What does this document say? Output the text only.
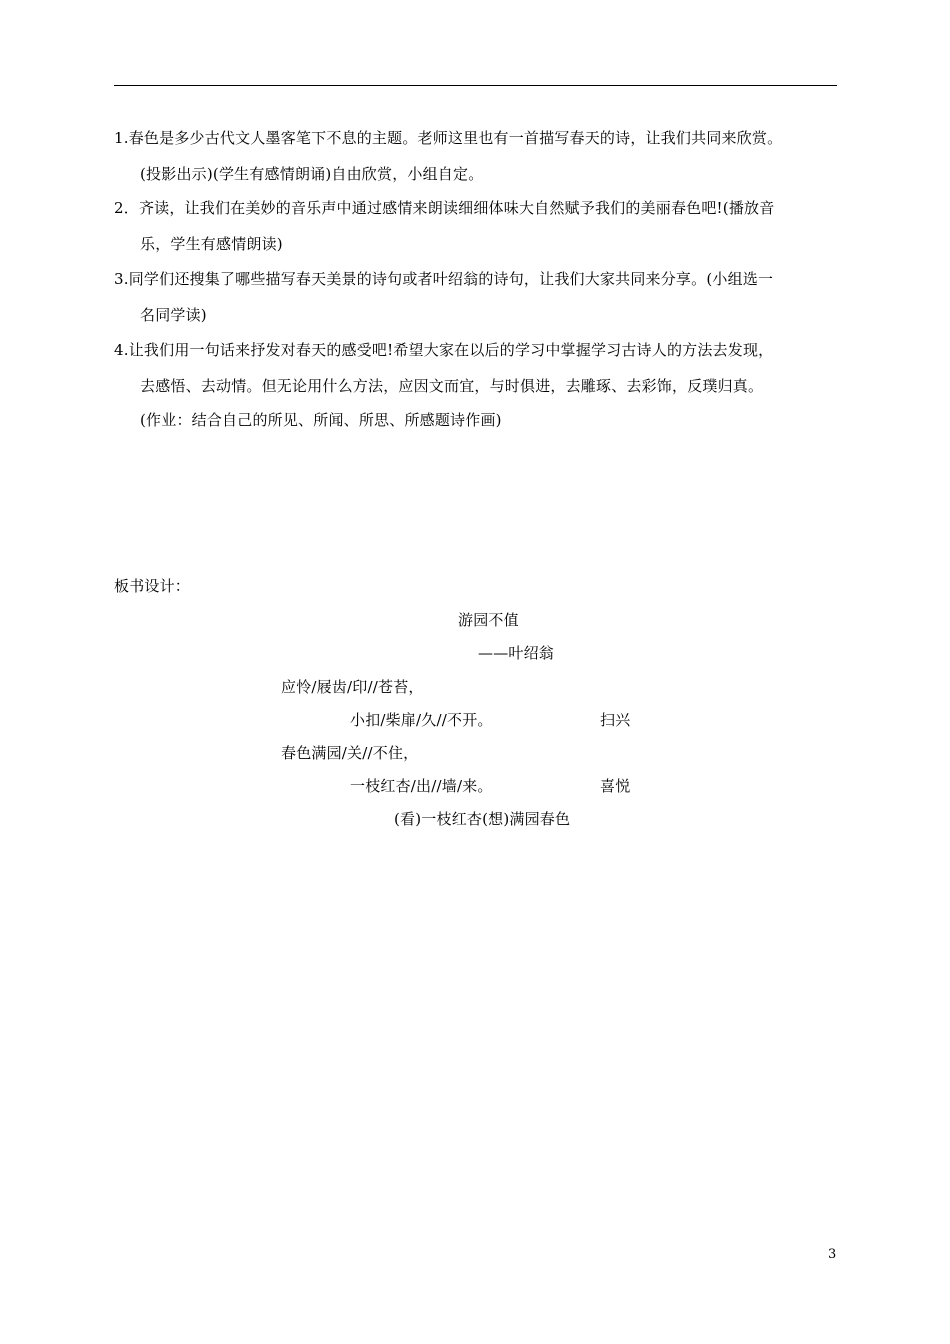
1.春色是多少古代文人墨客笔下不息的主题。老师这里也有一首描写春天的诗，让我们共同来欣赏。
(投影出示)(学生有感情朗诵)自由欣赏，小组自定。
2．齐读，让我们在美妙的音乐声中通过感情来朗读细细体味大自然赋予我们的美丽春色吧!(播放音
乐，学生有感情朗读)
3.同学们还搜集了哪些描写春天美景的诗句或者叶绍翁的诗句，让我们大家共同来分享。(小组选一
名同学读)
4.让我们用一句话来抒发对春天的感受吧!希望大家在以后的学习中掌握学习古诗人的方法去发现，
去感悟、去动情。但无论用什么方法，应因文而宜，与时俱进，去雕琢、去彩饰，反璞归真。
(作业：结合自己的所见、所闻、所思、所感题诗作画)
板书设计：
游园不值
——叶绍翁
应怜/屐齿/印//苍苔，
小扣/柴扉/久//不开。	扫兴
春色满园/关//不住，
一枝红杏/出//墙/来。	喜悦
(看)一枝红杏(想)满园春色
3
